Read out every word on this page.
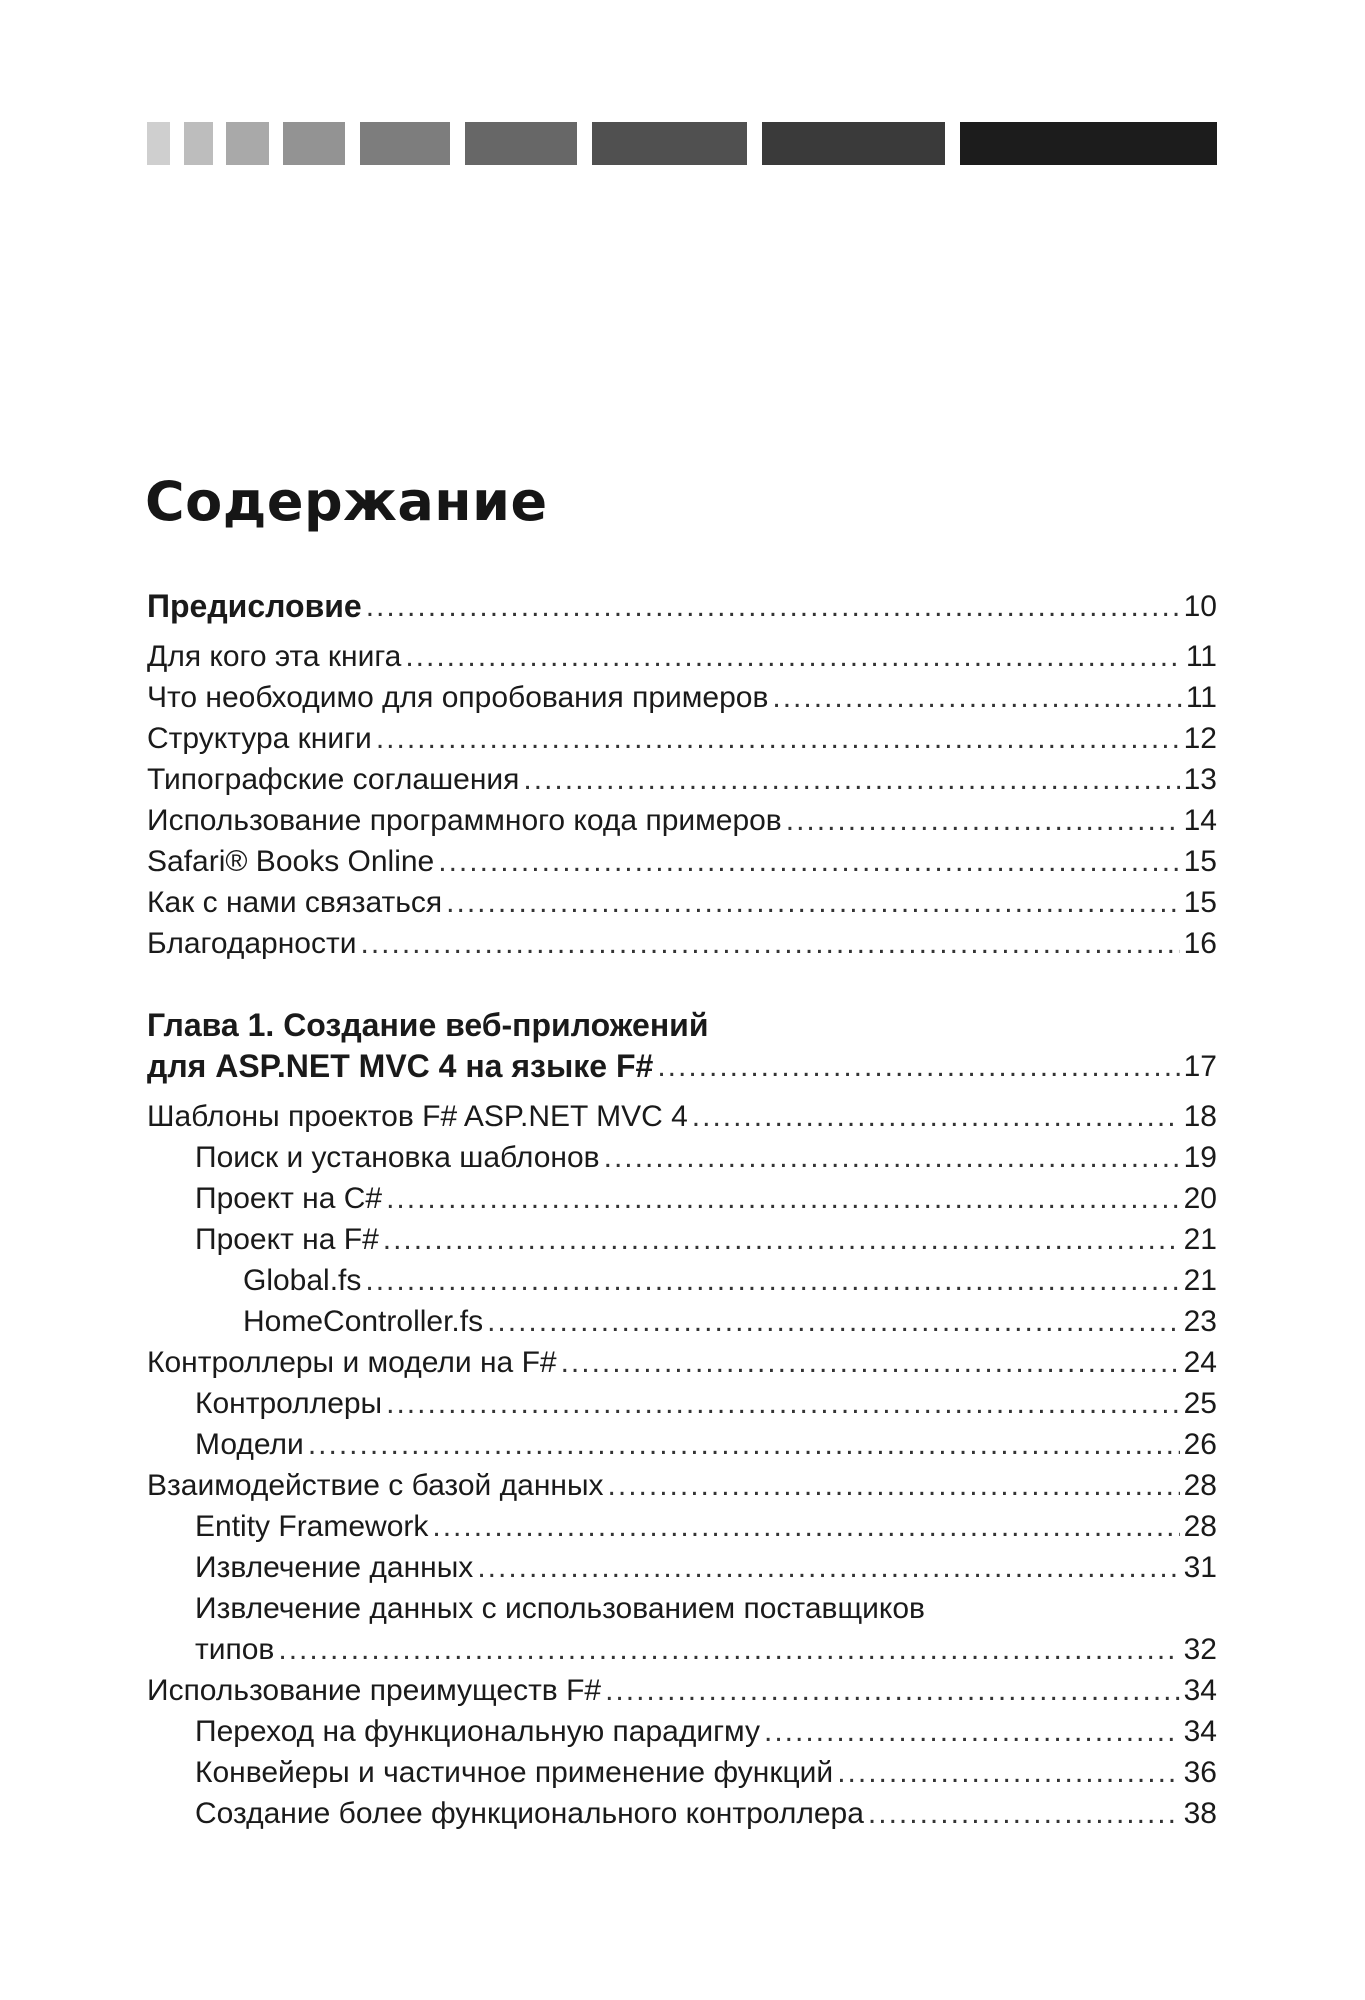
Содержание
Предисловие .....	10
Для кого эта книга .....	11
Что необходимо для опробования примеров .....	11
Структура книги .....	12
Типографские соглашения .....	13
Использование программного кода примеров .....	14
Safari® Books Online .....	15
Как с нами связаться .....	15
Благодарности .....	16
Глава 1. Создание веб-приложений
для ASP.NET MVC 4 на языке F# .....	17
Шаблоны проектов F# ASP.NET MVC 4 .....	18
Поиск и установка шаблонов .....	19
Проект на C# .....	20
Проект на F# .....	21
Global.fs .....	21
HomeController.fs .....	23
Контроллеры и модели на F# .....	24
Контроллеры .....	25
Модели .....	26
Взаимодействие с базой данных .....	28
Entity Framework .....	28
Извлечение данных .....	31
Извлечение данных с использованием поставщиков
типов .....	32
Использование преимуществ F# .....	34
Переход на функциональную парадигму .....	34
Конвейеры и частичное применение функций .....	36
Создание более функционального контроллера .....	38
